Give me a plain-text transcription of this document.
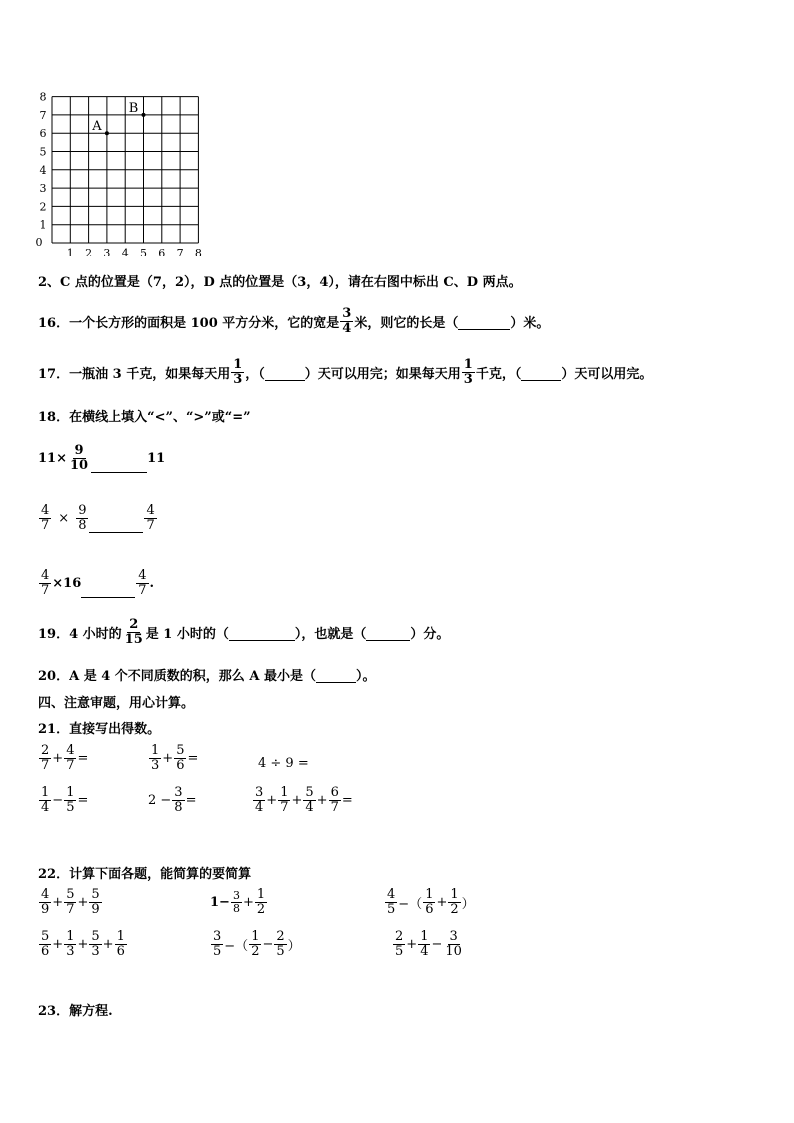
8
7
6
5
4
3
2
1
0
1 2 3 4 5 6 7 8
A
B
2、C 点的位置是（7，2），D 点的位置是（3，4），请在右图中标出 C、D 两点。
16．一个长方形的面积是 100 平方分米，它的宽是 $\frac{3}{4}$ 米，则它的长是（
	）米。
17．一瓶油 3 千克，如果每天用 $\frac{1}{3}$ ，（
	）天可以用完；如果每天用 $\frac{1}{3}$ 千克，（
	）天可以用完。
18．在横线上填入“<”、“>”或“=”
$11\times \frac{9}{10}$
	11
$\frac{4}{7} \times \frac{9}{8}$
	$\frac{4}{7}$
$\frac{4}{7} \times 16$
	$\frac{4}{7}$ .
19．4 小时的 $\frac{2}{15}$ 是 1 小时的（
	），也就是（
	）分。
20．A 是 4 个不同质数的积，那么 A 最小是（
	）。
四、注意审题，用心计算。
21．直接写出得数。
$\frac{2}{7} + \frac{4}{7}$ =	$\frac{1}{3} + \frac{5}{6}$ =	4 ÷ 9 =
$\frac{1}{4} - \frac{1}{5}$ =	$2 - \frac{3}{8}$ =	$\frac{3}{4} + \frac{1}{7} + \frac{5}{4} + \frac{6}{7}$ =
22．计算下面各题，能简算的要简算
$\frac{4}{9} + \frac{5}{7} + \frac{5}{9}$	$1- \frac{3}{8} + \frac{1}{2}$	$\frac{4}{5}$ −（ $\frac{1}{6} + \frac{1}{2}$ ）
$\frac{5}{6} + \frac{1}{3} + \frac{5}{3} + \frac{1}{6}$	$\frac{3}{5}$ −（ $\frac{1}{2} - \frac{2}{5}$ ）	$\frac{2}{5} + \frac{1}{4} - \frac{3}{10}$
23．解方程.
